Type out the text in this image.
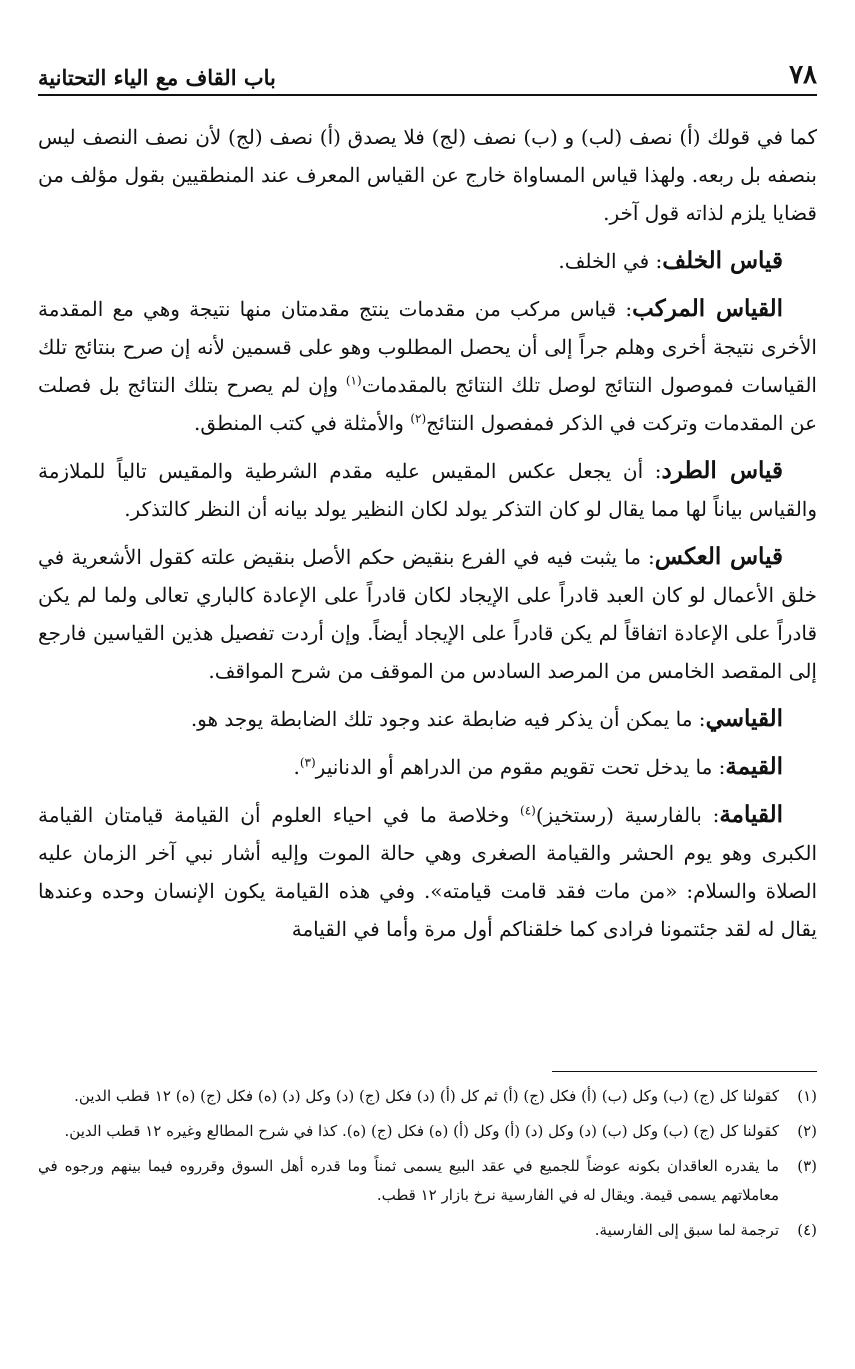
٧٨
باب القاف مع الياء التحتانية

كما في قولك (أ) نصف (لب) و (ب) نصف (لج) فلا يصدق (أ) نصف (لج) لأن نصف النصف ليس بنصفه بل ربعه. ولهذا قياس المساواة خارج عن القياس المعرف عند المنطقيين بقول مؤلف من قضايا يلزم لذاته قول آخر.

قياس الخلف: في الخلف.

القياس المركب: قياس مركب من مقدمات ينتج مقدمتان منها نتيجة وهي مع المقدمة الأخرى نتيجة أخرى وهلم جراً إلى أن يحصل المطلوب وهو على قسمين لأنه إن صرح بنتائج تلك القياسات فموصول النتائج لوصل تلك النتائج بالمقدمات$^{(١)}$ وإن لم يصرح بتلك النتائج بل فصلت عن المقدمات وتركت في الذكر فمفصول النتائج$^{(٢)}$ والأمثلة في كتب المنطق.

قياس الطرد: أن يجعل عكس المقيس عليه مقدم الشرطية والمقيس تالياً للملازمة والقياس بياناً لها مما يقال لو كان التذكر يولد لكان النظير يولد بيانه أن النظر كالتذكر.

قياس العكس: ما يثبت فيه في الفرع بنقيض حكم الأصل بنقيض علته كقول الأشعرية في خلق الأعمال لو كان العبد قادراً على الإيجاد لكان قادراً على الإعادة كالباري تعالى ولما لم يكن قادراً على الإعادة اتفاقاً لم يكن قادراً على الإيجاد أيضاً. وإن أردت تفصيل هذين القياسين فارجع إلى المقصد الخامس من المرصد السادس من الموقف من شرح المواقف.

القياسي: ما يمكن أن يذكر فيه ضابطة عند وجود تلك الضابطة يوجد هو.

القيمة: ما يدخل تحت تقويم مقوم من الدراهم أو الدنانير$^{(٣)}$.

القيامة: بالفارسية (رستخيز)$^{(٤)}$ وخلاصة ما في احياء العلوم أن القيامة قيامتان القيامة الكبرى وهو يوم الحشر والقيامة الصغرى وهي حالة الموت وإليه أشار نبي آخر الزمان عليه الصلاة والسلام: «من مات فقد قامت قيامته». وفي هذه القيامة يكون الإنسان وحده وعندها يقال له لقد جئتمونا فرادى كما خلقناكم أول مرة وأما في القيامة

(١)
كقولنا كل (ج) (ب) وكل (ب) (أ) فكل (ج) (أ) ثم كل (أ) (د) فكل (ج) (د) وكل (د) (ه) فكل (ج) (ه) ١٢ قطب الدين.
(٢)
كقولنا كل (ج) (ب) وكل (ب) (د) وكل (د) (أ) وكل (أ) (ه) فكل (ج) (ه). كذا في شرح المطالع وغيره ١٢ قطب الدين.
(٣)
ما يقدره العاقدان بكونه عوضاً للجميع في عقد البيع يسمى ثمناً وما قدره أهل السوق وقرروه فيما بينهم ورجوه في معاملاتهم يسمى قيمة. ويقال له في الفارسية نرخ بازار ١٢ قطب.
(٤)
ترجمة لما سبق إلى الفارسية.
